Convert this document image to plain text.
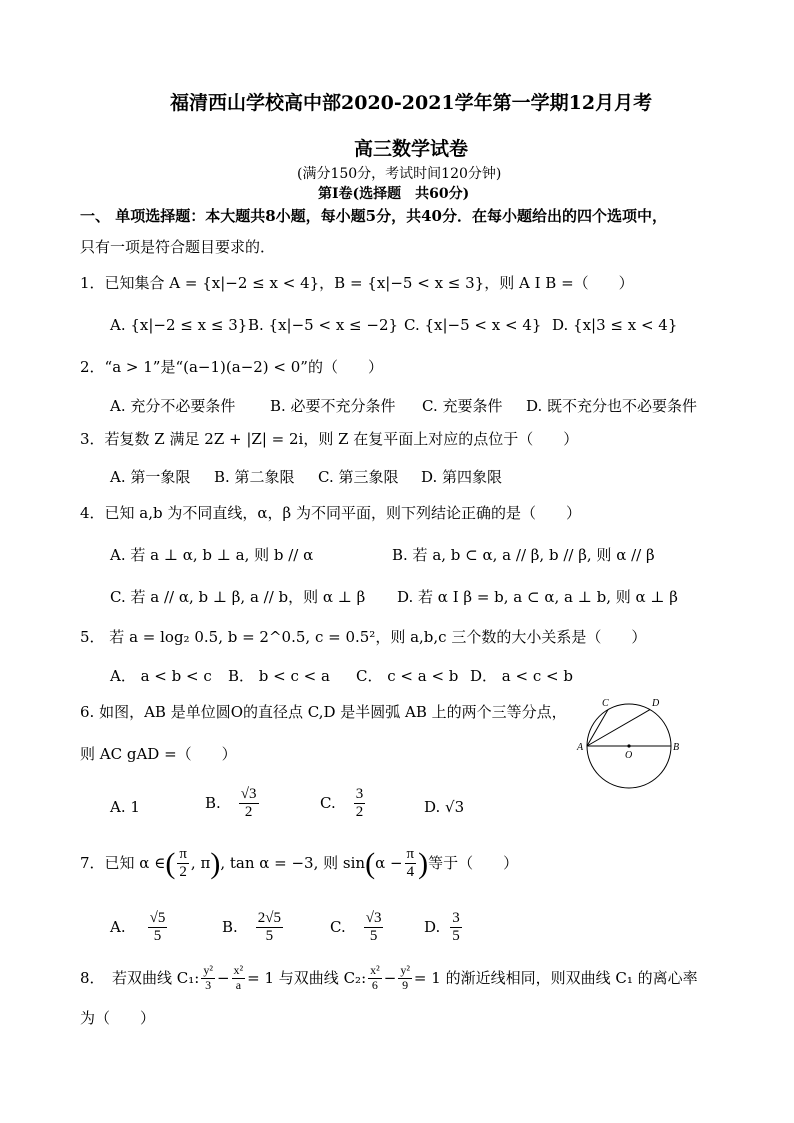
福清西山学校高中部2020-2021学年第一学期12月月考
高三数学试卷
(满分150分，考试时间120分钟)
第Ⅰ卷(选择题　共60分)
一、 单项选择题：本大题共8小题，每小题5分，共40分．在每小题给出的四个选项中，
只有一项是符合题目要求的．
1．已知集合 A = {x|−2 ≤ x < 4}，B = {x|−5 < x ≤ 3}，则 A I B =（　　）
A. {x|−2 ≤ x ≤ 3} B. {x|−5 < x ≤ −2} C. {x|−5 < x < 4} D. {x|3 ≤ x < 4}
2．“a > 1”是“(a−1)(a−2) < 0”的（　　）
A. 充分不必要条件 B. 必要不充分条件 C. 充要条件 D. 既不充分也不必要条件
3．若复数 Z 满足 2Z + |Z| = 2i，则 Z 在复平面上对应的点位于（　　）
A. 第一象限 B. 第二象限 C. 第三象限 D. 第四象限
4．已知 a,b 为不同直线，α，β 为不同平面，则下列结论正确的是（　　）
A. 若 a ⊥ α, b ⊥ a, 则 b // α	B. 若 a, b ⊂ α, a // β, b // β, 则 α // β
C. 若 a // α, b ⊥ β, a // b，则 α ⊥ β D. 若 α I β = b, a ⊂ α, a ⊥ b, 则 α ⊥ β
5． 若 a = log₂ 0.5, b = 2^0.5, c = 0.5²，则 a,b,c 三个数的大小关系是（　　）
A． a < b < c B． b < c < a C． c < a < b D． a < c < b
6. 如图，AB 是单位圆O的直径点 C,D 是半圆弧 AB 上的两个三等分点，
则 AC gAD =（　　）	A	B
C	D
O
A. 1	B. $\frac{√3}{2}$	C. $\frac{3}{2}$	D. √3
7．已知 α ∈ ( $\frac{\pi}{2}$ , π ) , tan α = −3, 则 sin ( $\alpha - \frac{\pi}{4}$ ) 等于（　　）
A. $\frac{√5}{5}$	B. $\frac{2√5}{5}$	C. $\frac{√3}{5}$	D. $\frac{3}{5}$
8．　若双曲线 C₁: $\frac{\text{y²}}{3} - \frac{\text{x²}}{a} = 1$ 与双曲线 C₂: $\frac{\text{x²}}{6} - \frac{\text{y²}}{9} = 1$ 的渐近线相同，则双曲线 C₁ 的离心率
为（　　）
